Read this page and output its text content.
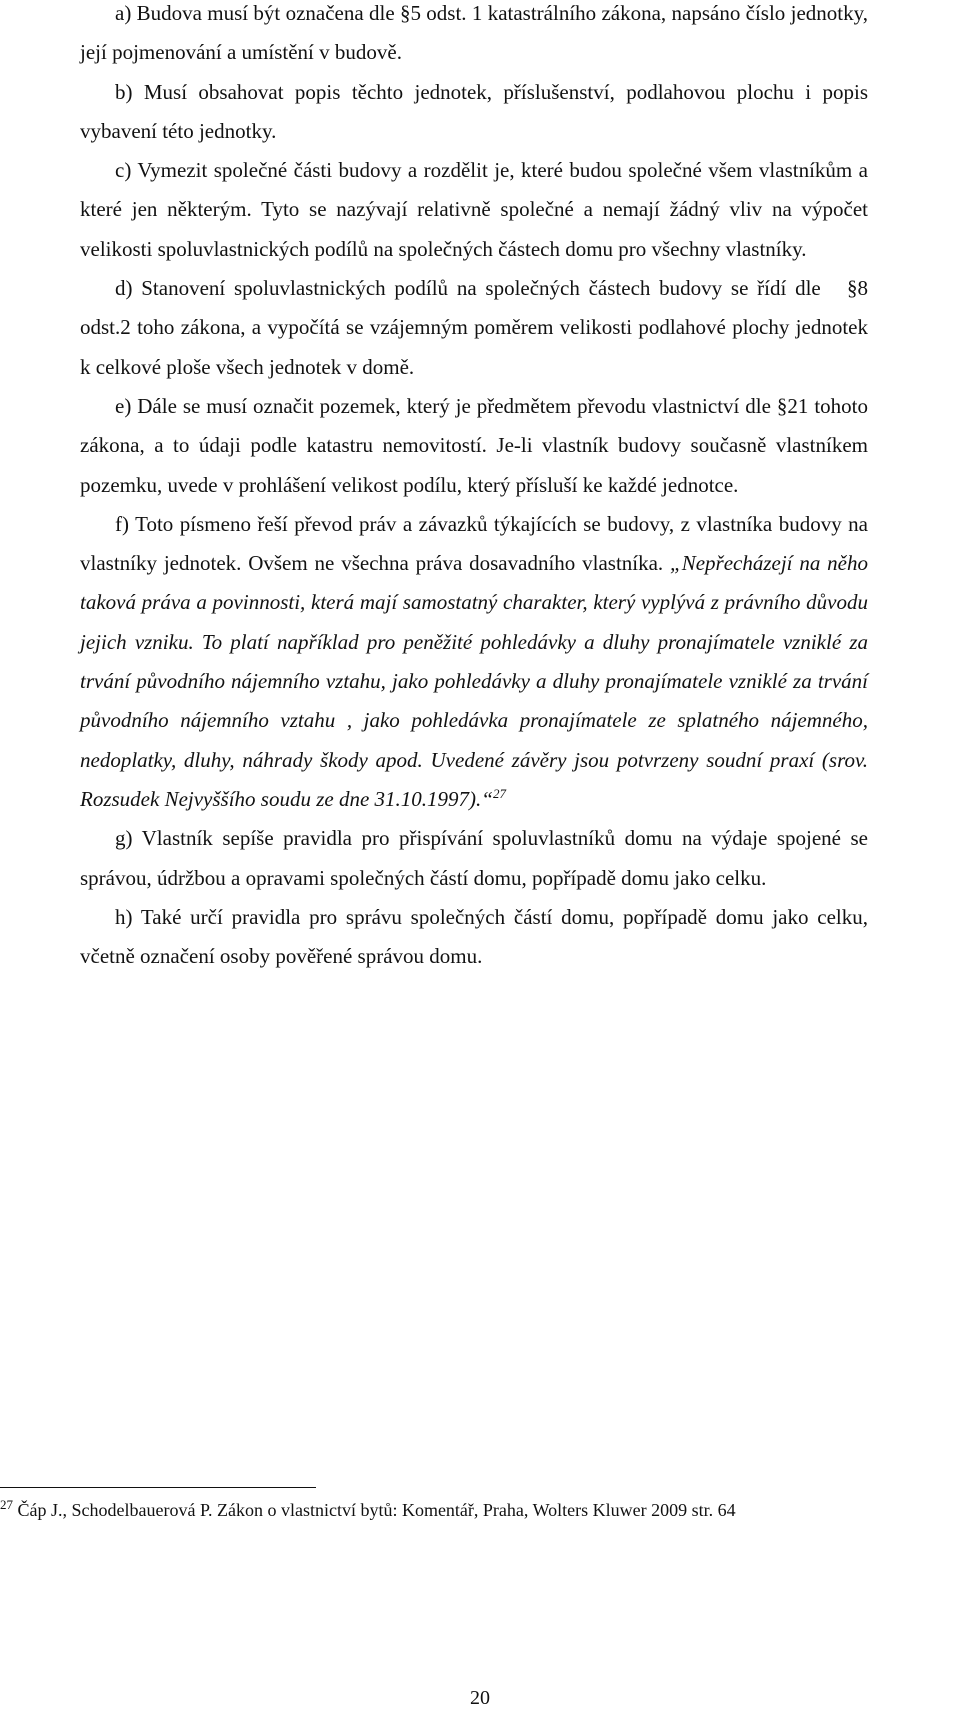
a) Budova musí být označena dle §5 odst. 1 katastrálního zákona, napsáno číslo jednotky, její pojmenování a umístění v budově.

b) Musí obsahovat popis těchto jednotek, příslušenství, podlahovou plochu i popis vybavení této jednotky.

c) Vymezit společné části budovy a rozdělit je, které budou společné všem vlastníkům a které jen některým. Tyto se nazývají relativně společné a nemají žádný vliv na výpočet velikosti spoluvlastnických podílů na společných částech domu pro všechny vlastníky.

d) Stanovení spoluvlastnických podílů na společných částech budovy se řídí dle   §8 odst.2 toho zákona, a vypočítá se vzájemným poměrem velikosti podlahové plochy jednotek k celkové ploše všech jednotek v domě.

e) Dále se musí označit pozemek, který je předmětem převodu vlastnictví dle §21 tohoto zákona, a to údaji podle katastru nemovitostí. Je-li vlastník budovy současně vlastníkem pozemku, uvede v prohlášení velikost podílu, který přísluší ke každé jednotce.

f) Toto písmeno řeší převod práv a závazků týkajících se budovy, z vlastníka budovy na vlastníky jednotek. Ovšem ne všechna práva dosavadního vlastníka. „Nepřecházejí na něho taková práva a povinnosti, která mají samostatný charakter, který vyplývá z právního důvodu jejich vzniku. To platí například pro peněžité pohledávky a dluhy pronajímatele vzniklé za trvání původního nájemního vztahu, jako pohledávky a dluhy pronajímatele vzniklé za trvání původního nájemního vztahu , jako pohledávka pronajímatele ze splatného nájemného, nedoplatky, dluhy, náhrady škody apod. Uvedené závěry jsou potvrzeny soudní praxí (srov. Rozsudek Nejvyššího soudu ze dne 31.10.1997).“$^{27}$

g) Vlastník sepíše pravidla pro přispívání spoluvlastníků domu na výdaje spojené se správou, údržbou a opravami společných částí domu, popřípadě domu jako celku.

h) Také určí pravidla pro správu společných částí domu, popřípadě domu jako celku, včetně označení osoby pověřené správou domu.

$^{27}$ Čáp J., Schodelbauerová P. Zákon o vlastnictví bytů: Komentář, Praha, Wolters Kluwer 2009 str. 64

20
